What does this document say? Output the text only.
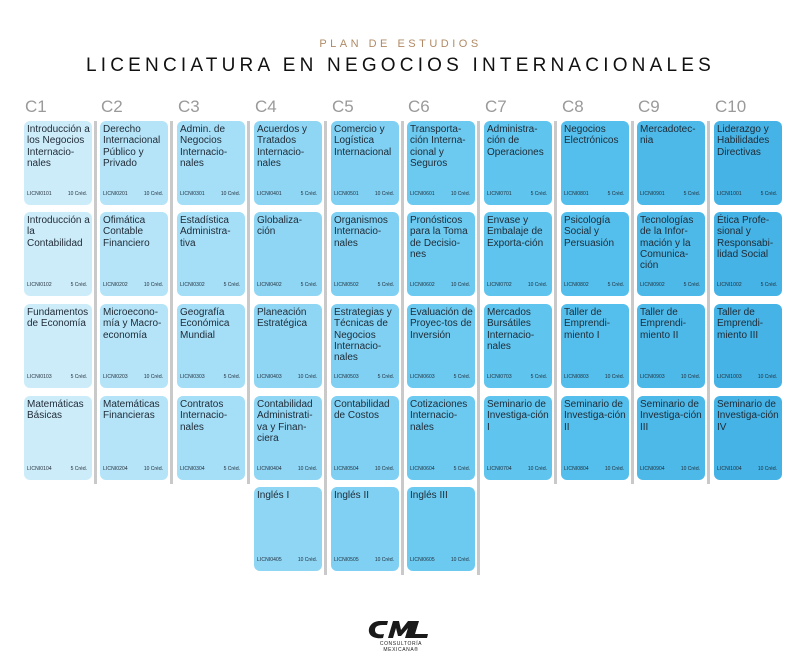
PLAN DE ESTUDIOS
LICENCIATURA EN NEGOCIOS INTERNACIONALES
C1
Introducción a los Negocios Internacio-nales
LICNI0101	10 Créd.
Introducción a la Contabilidad
LICNI0102	5 Créd.
Fundamentos de Economía
LICNI0103	5 Créd.
Matemáticas Básicas
LICNI0104	5 Créd.
C2
Derecho Internacional Público y Privado
LICNI0201	10 Créd.
Ofimática Contable Financiero
LICNI0202	10 Créd.
Microecono-mía y Macro-economía
LICNI0203	10 Créd.
Matemáticas Financieras
LICNI0204	10 Créd.
C3
Admin. de Negocios Internacio-nales
LICNI0301	10 Créd.
Estadística Administra-tiva
LICNI0302	5 Créd.
Geografía Económica Mundial
LICNI0303	5 Créd.
Contratos Internacio-nales
LICNI0304	5 Créd.
C4
Acuerdos y Tratados Internacio-nales
LICNI0401	5 Créd.
Globaliza-ción
LICNI0402	5 Créd.
Planeación Estratégica
LICNI0403	10 Créd.
Contabilidad Administrati-va y Finan-ciera
LICNI0404	10 Créd.
Inglés I
LICNI0405	10 Créd.
C5
Comercio y Logística Internacional
LICNI0501	10 Créd.
Organismos Internacio-nales
LICNI0502	5 Créd.
Estrategias y Técnicas de Negocios Internacio-nales
LICNI0503	5 Créd.
Contabilidad de Costos
LICNI0504	10 Créd.
Inglés II
LICNI0505	10 Créd.
C6
Transporta-ción Interna-cional y Seguros
LICNI0601	10 Créd.
Pronósticos para la Toma de Decisio-nes
LICNI0602	10 Créd.
Evaluación de Proyec-tos de Inversión
LICNI0603	5 Créd.
Cotizaciones Internacio-nales
LICNI0604	5 Créd.
Inglés III
LICNI0605	10 Créd.
C7
Administra-ción de Operaciones
LICNI0701	5 Créd.
Envase y Embalaje de Exporta-ción
LICNI0702	10 Créd.
Mercados Bursátiles Internacio-nales
LICNI0703	5 Créd.
Seminario de Investiga-ción I
LICNI0704	10 Créd.
C8
Negocios Electrónicos
LICNI0801	5 Créd.
Psicología Social y Persuasión
LICNI0802	5 Créd.
Taller de Emprendi-miento I
LICNI0803	10 Créd.
Seminario de Investiga-ción II
LICNI0804	10 Créd.
C9
Mercadotec-nia
LICNI0901	5 Créd.
Tecnologías de la Infor-mación y la Comunica-ción
LICNI0902	5 Créd.
Taller de Emprendi-miento II
LICNI0903	10 Créd.
Seminario de Investiga-ción III
LICNI0904	10 Créd.
C10
Liderazgo y Habilidades Directivas
LICNI1001	5 Créd.
Ética Profe-sional y Responsabi-lidad Social
LICNI1002	5 Créd.
Taller de Emprendi-miento III
LICNI1003	10 Créd.
Seminario de Investiga-ción IV
LICNI1004	10 Créd.
CONSULTORÍA MEXICANA®
